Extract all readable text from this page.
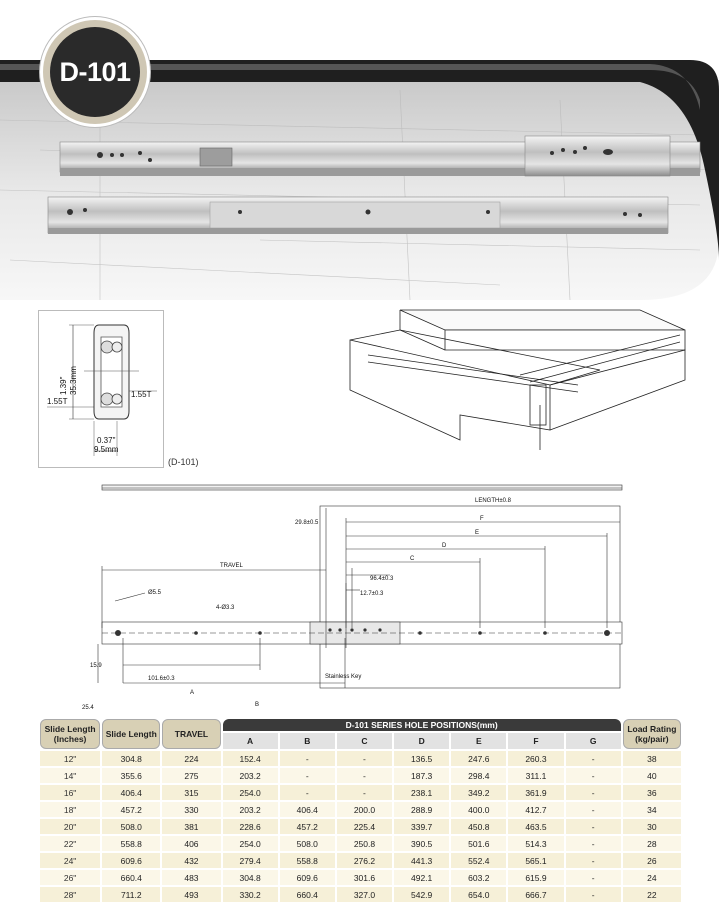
D-101
1.39" 35.3mm
1.55T
1.55T
0.37"
9.5mm
(D-101)
LENGTH±0.8
29.8±0.5
TRAVEL
Ø5.5
96.4±0.3
12.7±0.3
4-Ø3.3
15.9
25.4
101.6±0.3
F
E
D
C
A
B
Stainless Key
Slide Length (Inches)	Slide Length	TRAVEL	D-101 SERIES HOLE POSITIONS(mm)							Load Rating (kg/pair)
			A	B	C	D	E	F	G	
12"	304.8	224	152.4	-	-	136.5	247.6	260.3	-	38
14"	355.6	275	203.2	-	-	187.3	298.4	311.1	-	40
16"	406.4	315	254.0	-	-	238.1	349.2	361.9	-	36
18"	457.2	330	203.2	406.4	200.0	288.9	400.0	412.7	-	34
20"	508.0	381	228.6	457.2	225.4	339.7	450.8	463.5	-	30
22"	558.8	406	254.0	508.0	250.8	390.5	501.6	514.3	-	28
24"	609.6	432	279.4	558.8	276.2	441.3	552.4	565.1	-	26
26"	660.4	483	304.8	609.6	301.6	492.1	603.2	615.9	-	24
28"	711.2	493	330.2	660.4	327.0	542.9	654.0	666.7	-	22
